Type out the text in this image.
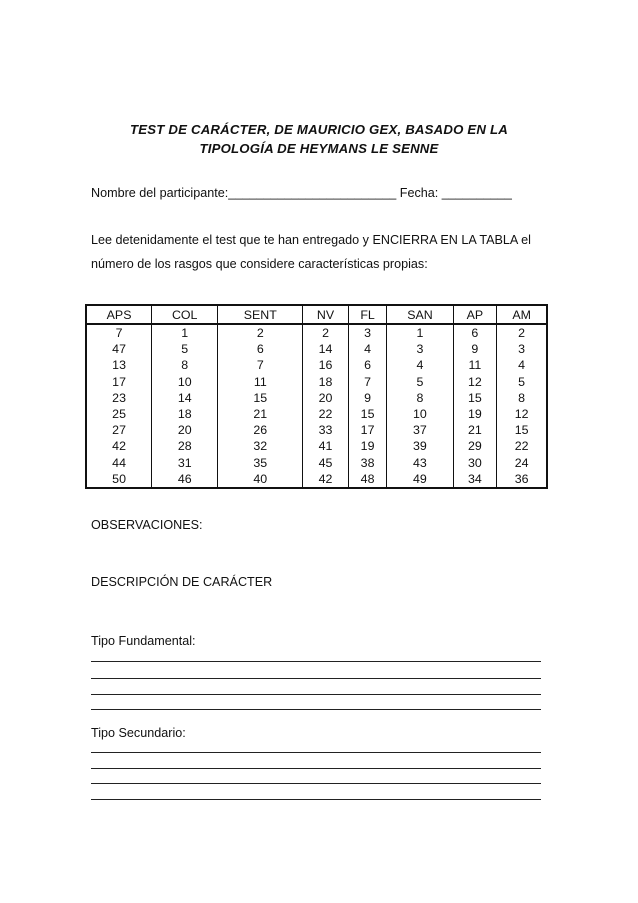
TEST DE CARÁCTER, DE MAURICIO GEX, BASADO EN LA
TIPOLOGÍA DE HEYMANS LE SENNE
Nombre del participante:________________________ Fecha: __________
Lee detenidamente el test que te han entregado y ENCIERRA EN LA TABLA el
número de los rasgos que considere características propias:
APS	COL	SENT	NV	FL	SAN	AP	AM
7	1	2	2	3	1	6	2
47	5	6	14	4	3	9	3
13	8	7	16	6	4	11	4
17	10	11	18	7	5	12	5
23	14	15	20	9	8	15	8
25	18	21	22	15	10	19	12
27	20	26	33	17	37	21	15
42	28	32	41	19	39	29	22
44	31	35	45	38	43	30	24
50	46	40	42	48	49	34	36
OBSERVACIONES:
DESCRIPCIÓN DE CARÁCTER
Tipo Fundamental:
Tipo Secundario:
